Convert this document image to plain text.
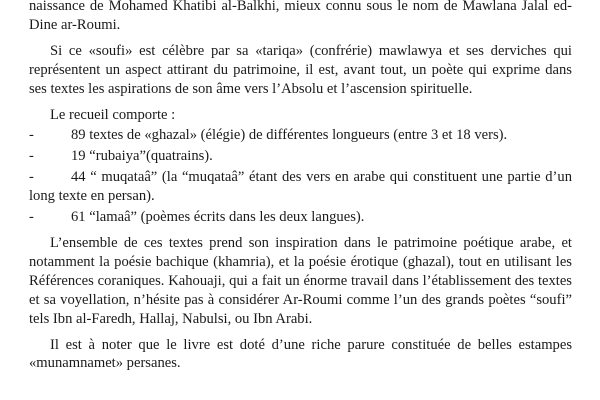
naissance de Mohamed Khatibi al-Balkhi, mieux connu sous le nom de Mawlana Jalal ed-Dine ar-Roumi.

Si ce «soufi» est célèbre par sa «tariqa» (confrérie) mawlawya et ses derviches qui représentent un aspect attirant du patrimoine, il est, avant tout, un poète qui exprime dans ses textes les aspirations de son âme vers l’Absolu et l’ascension spirituelle.

Le recueil comporte :

-	89 textes de «ghazal» (élégie) de différentes longueurs (entre 3 et 18 vers).

-	19 “rubaiya”(quatrains).

-	44 “ muqataâ” (la “muqataâ” étant des vers en arabe qui constituent une partie d’un long texte en persan).

-	61 “lamaâ” (poèmes écrits dans les deux langues).

L’ensemble de ces textes prend son inspiration dans le patrimoine poétique arabe, et notamment la poésie bachique (khamria), et la poésie érotique (ghazal), tout en utilisant les Références coraniques. Kahouaji, qui a fait un énorme travail dans l’établissement des textes et sa voyellation, n’hésite pas à considérer Ar-Roumi comme l’un des grands poètes “soufi” tels Ibn al-Faredh, Hallaj, Nabulsi, ou Ibn Arabi.

Il est à noter que le livre est doté d’une riche parure constituée de belles estampes «munamnamet» persanes.
